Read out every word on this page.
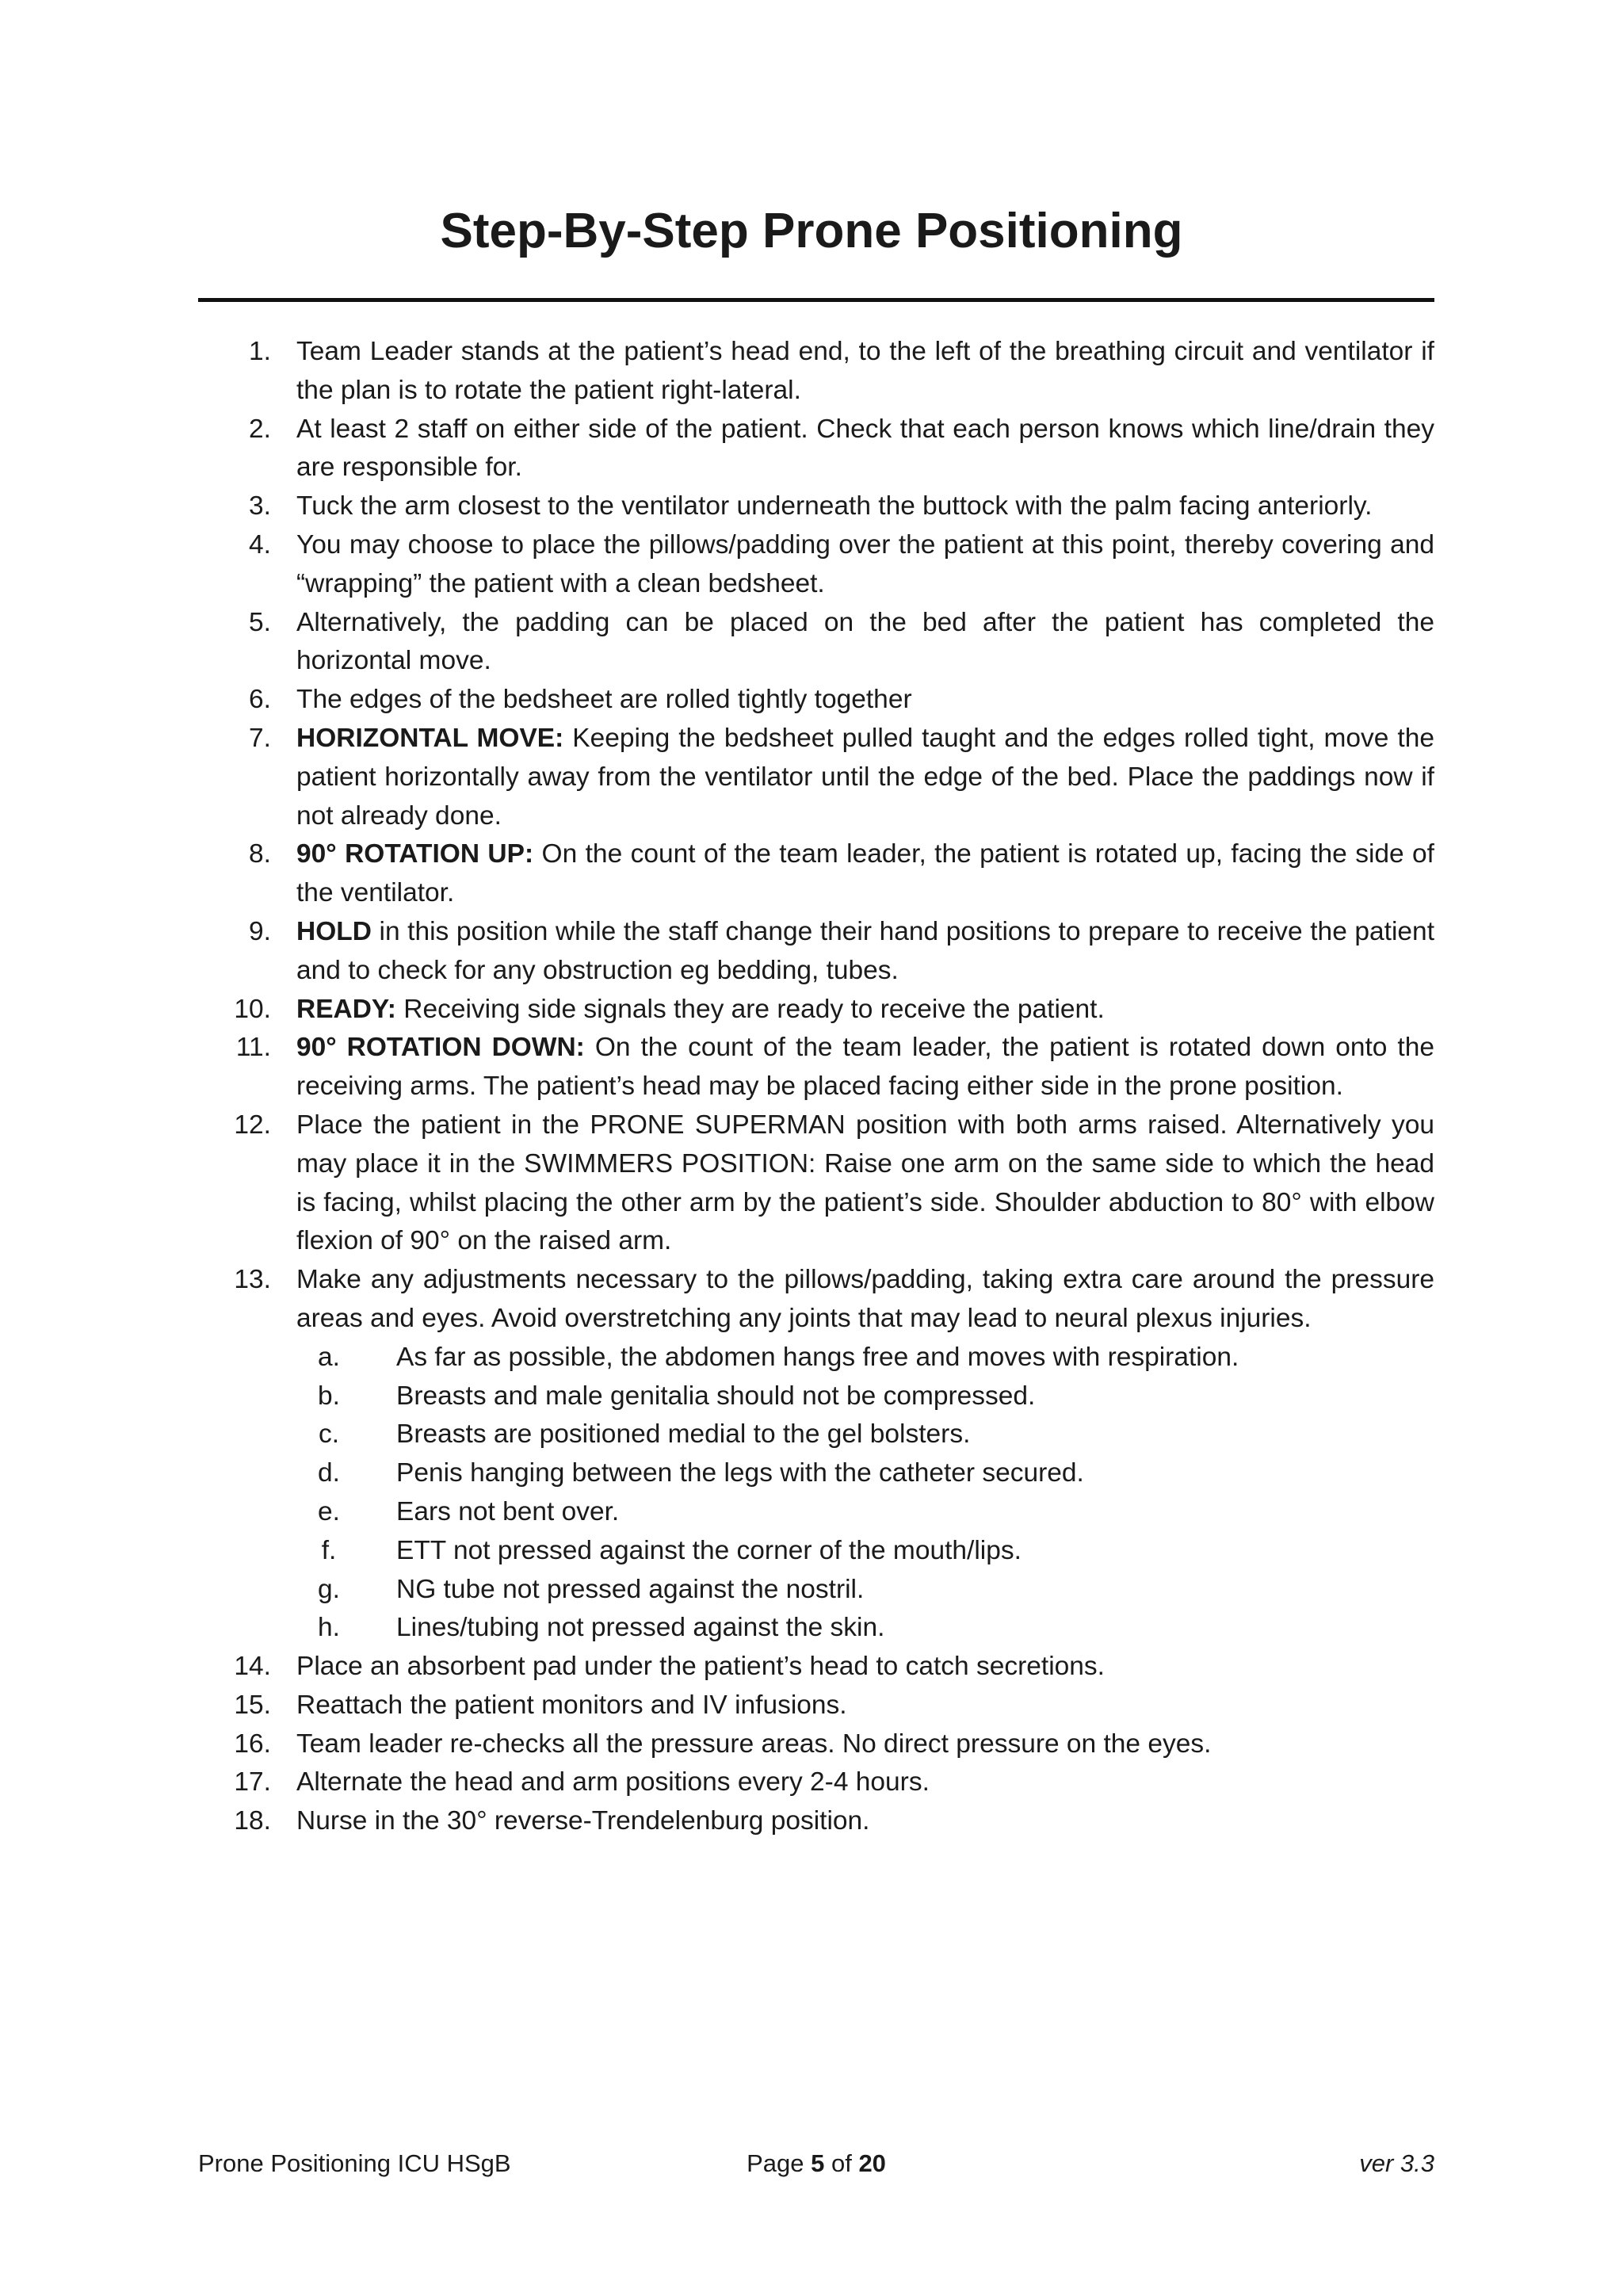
Step-By-Step Prone Positioning
1. Team Leader stands at the patient’s head end, to the left of the breathing circuit and ventilator if the plan is to rotate the patient right-lateral.
2. At least 2 staff on either side of the patient. Check that each person knows which line/drain they are responsible for.
3. Tuck the arm closest to the ventilator underneath the buttock with the palm facing anteriorly.
4. You may choose to place the pillows/padding over the patient at this point, thereby covering and “wrapping” the patient with a clean bedsheet.
5. Alternatively, the padding can be placed on the bed after the patient has completed the horizontal move.
6. The edges of the bedsheet are rolled tightly together
7. HORIZONTAL MOVE: Keeping the bedsheet pulled taught and the edges rolled tight, move the patient horizontally away from the ventilator until the edge of the bed. Place the paddings now if not already done.
8. 90° ROTATION UP: On the count of the team leader, the patient is rotated up, facing the side of the ventilator.
9. HOLD in this position while the staff change their hand positions to prepare to receive the patient and to check for any obstruction eg bedding, tubes.
10. READY: Receiving side signals they are ready to receive the patient.
11. 90° ROTATION DOWN: On the count of the team leader, the patient is rotated down onto the receiving arms. The patient’s head may be placed facing either side in the prone position.
12. Place the patient in the PRONE SUPERMAN position with both arms raised. Alternatively you may place it in the SWIMMERS POSITION: Raise one arm on the same side to which the head is facing, whilst placing the other arm by the patient’s side. Shoulder abduction to 80° with elbow flexion of 90° on the raised arm.
13. Make any adjustments necessary to the pillows/padding, taking extra care around the pressure areas and eyes. Avoid overstretching any joints that may lead to neural plexus injuries.
a.	As far as possible, the abdomen hangs free and moves with respiration.
b.	Breasts and male genitalia should not be compressed.
c.	Breasts are positioned medial to the gel bolsters.
d.	Penis hanging between the legs with the catheter secured.
e.	Ears not bent over.
f.	ETT not pressed against the corner of the mouth/lips.
g.	NG tube not pressed against the nostril.
h.	Lines/tubing not pressed against the skin.
14. Place an absorbent pad under the patient’s head to catch secretions.
15. Reattach the patient monitors and IV infusions.
16. Team leader re-checks all the pressure areas. No direct pressure on the eyes.
17. Alternate the head and arm positions every 2-4 hours.
18. Nurse in the 30° reverse-Trendelenburg position.
Prone Positioning ICU HSgB	Page 5 of 20	ver 3.3
